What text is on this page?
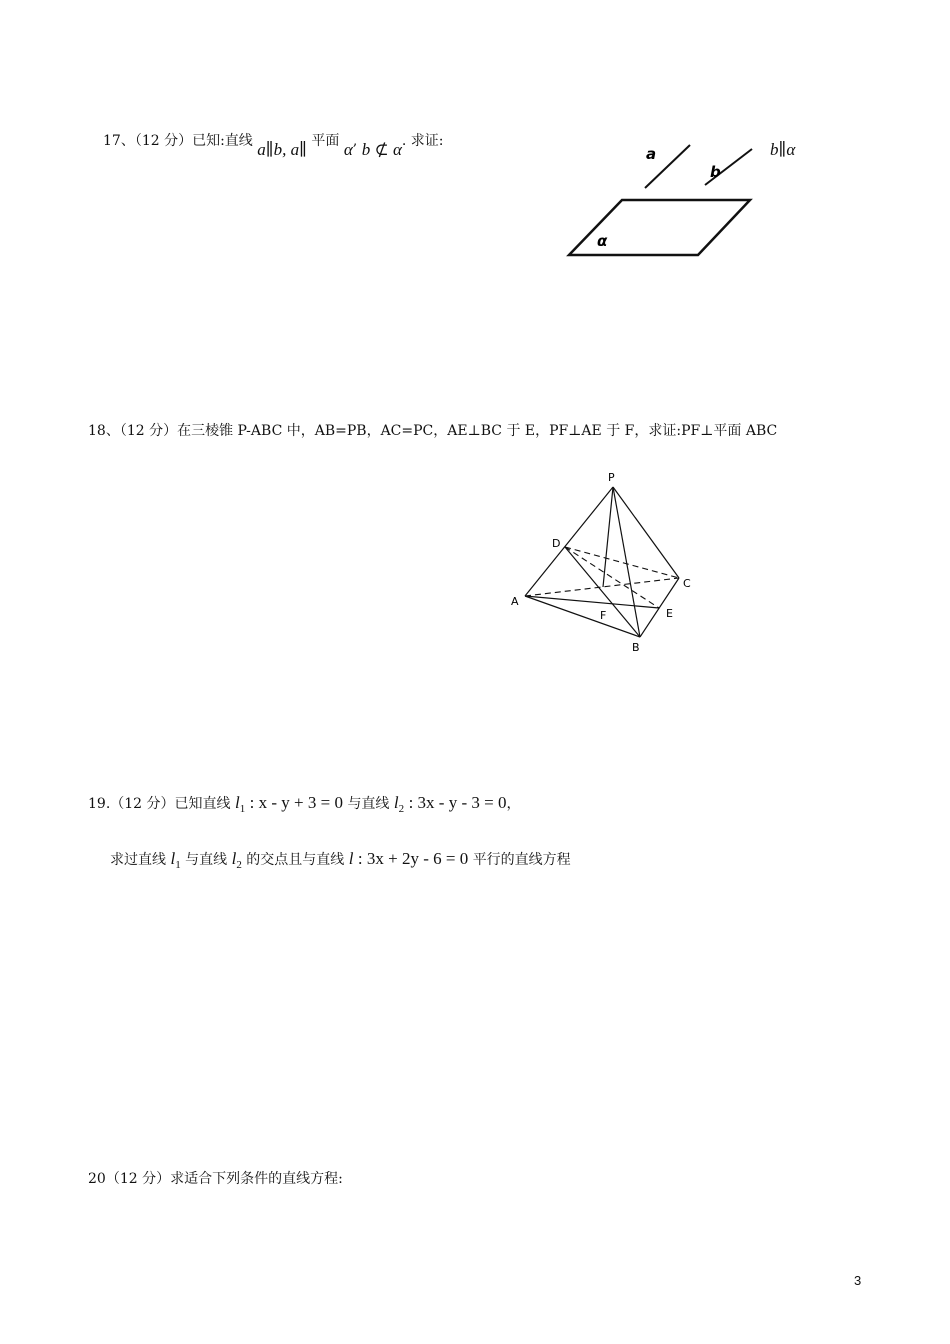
17、（12 分）已知:直线 a∥b, a∥ 平面 α, b ⊄ α. 求证:	b∥α
a
b
α
18、（12 分）在三棱锥 P-ABC 中，AB=PB，AC=PC，AE⊥BC 于 E，PF⊥AE 于 F，求证:PF⊥平面 ABC
P
D
A
C
F	E
B
19.（12 分）已知直线 $l_1$ : x - y + 3 = 0 与直线 $l_2$ : 3x - y - 3 = 0，
求过直线 $l_1$ 与直线 $l_2$ 的交点且与直线 l : 3x + 2y - 6 = 0 平行的直线方程
20（12 分）求适合下列条件的直线方程:
3
